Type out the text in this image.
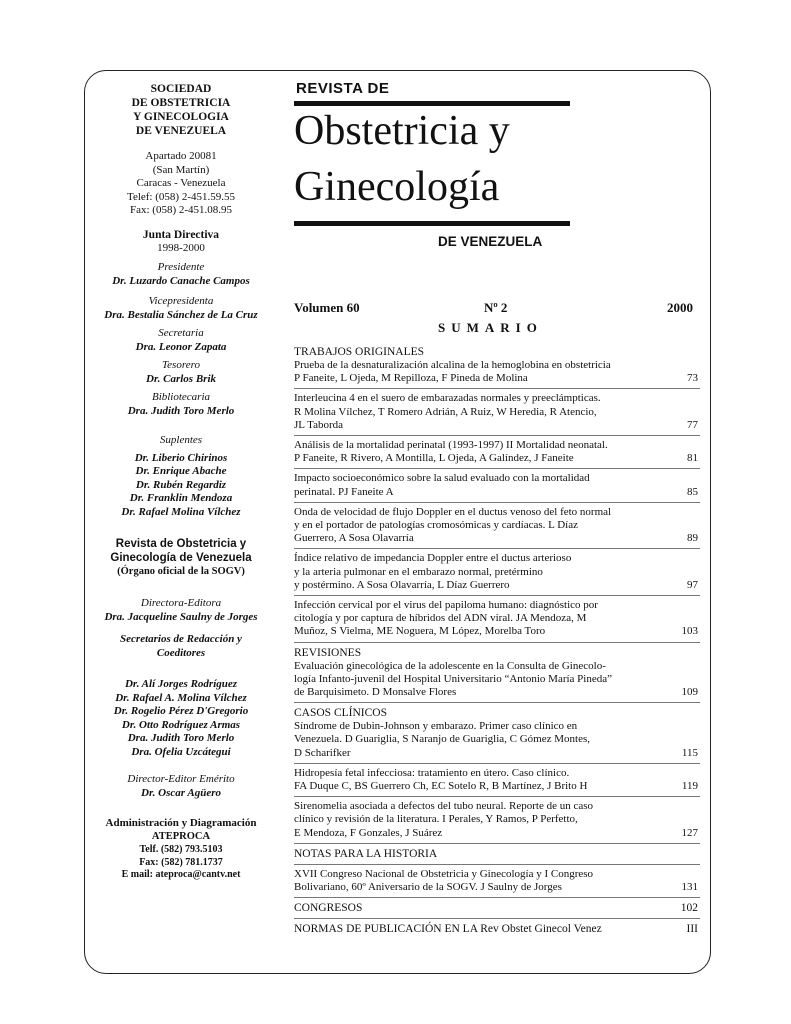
SOCIEDAD
DE OBSTETRICIA
Y GINECOLOGIA
DE VENEZUELA
Apartado 20081
(San Martín)
Caracas - Venezuela
Telef: (058) 2-451.59.55
Fax: (058) 2-451.08.95
Junta Directiva
1998-2000
Presidente
Dr. Luzardo Canache Campos
Vicepresidenta
Dra. Bestalia Sánchez de La Cruz
Secretaria
Dra. Leonor Zapata
Tesorero
Dr. Carlos Brik
Bibliotecaria
Dra. Judith Toro Merlo
Suplentes
Dr. Liberio Chirinos
Dr. Enrique Abache
Dr. Rubén Regardiz
Dr. Franklin Mendoza
Dr. Rafael Molina Vílchez
Revista de Obstetricia y
Ginecología de Venezuela
(Órgano oficial de la SOGV)
Directora-Editora
Dra. Jacqueline Saulny de Jorges
Secretarios de Redacción y
Coeditores
Dr. Alí Jorges Rodríguez
Dr. Rafael A. Molina Vílchez
Dr. Rogelio Pérez D'Gregorio
Dr. Otto Rodríguez Armas
Dra. Judith Toro Merlo
Dra. Ofelia Uzcátegui
Director-Editor Emérito
Dr. Oscar Agüero
Administración y Diagramación
ATEPROCA
Telf. (582) 793.5103
Fax: (582) 781.1737
E mail: ateproca@cantv.net
REVISTA DE
Obstetricia y
Ginecología
DE VENEZUELA
Volumen 60	Nº 2	2000
SUMARIO
TRABAJOS ORIGINALES
Prueba de la desnaturalización alcalina de la hemoglobina en obstetricia
P Faneite, L Ojeda, M Repilloza, F Pineda de Molina	73
Interleucina 4 en el suero de embarazadas normales y preeclámpticas.
R Molina Vílchez, T Romero Adrián, A Ruiz, W Heredia, R Atencio,
JL Taborda	77
Análisis de la mortalidad perinatal (1993-1997) II Mortalidad neonatal.
P Faneite, R Rivero, A Montilla, L Ojeda, A Galíndez, J Faneite	81
Impacto socioeconómico sobre la salud evaluado con la mortalidad
perinatal. PJ Faneite A	85
Onda de velocidad de flujo Doppler en el ductus venoso del feto normal
y en el portador de patologías cromosómicas y cardíacas. L Díaz
Guerrero, A Sosa Olavarría	89
Índice relativo de impedancia Doppler entre el ductus arterioso
y la arteria pulmonar en el embarazo normal, pretérmino
y postérmino. A Sosa Olavarría, L Díaz Guerrero	97
Infección cervical por el virus del papiloma humano: diagnóstico por
citología y por captura de híbridos del ADN viral. JA Mendoza, M
Muñoz, S Vielma, ME Noguera, M López, Morelba Toro	103
REVISIONES
Evaluación ginecológica de la adolescente en la Consulta de Ginecolo-
logía Infanto-juvenil del Hospital Universitario “Antonio María Pineda”
de Barquisimeto. D Monsalve Flores	109
CASOS CLÍNICOS
Síndrome de Dubin-Johnson y embarazo. Primer caso clínico en
Venezuela. D Guariglia, S Naranjo de Guariglia, C Gómez Montes,
D Scharifker	115
Hidropesía fetal infecciosa: tratamiento en útero. Caso clínico.
FA Duque C, BS Guerrero Ch, EC Sotelo R, B Martínez, J Brito H	119
Sirenomelia asociada a defectos del tubo neural. Reporte de un caso
clínico y revisión de la literatura. I Perales, Y Ramos, P Perfetto,
E Mendoza, F Gonzales, J Suárez	127
NOTAS PARA LA HISTORIA
XVII Congreso Nacional de Obstetricia y Ginecología y I Congreso
Bolivariano, 60º Aniversario de la SOGV. J Saulny de Jorges	131
CONGRESOS	102
NORMAS DE PUBLICACIÓN EN LA Rev Obstet Ginecol Venez	III
